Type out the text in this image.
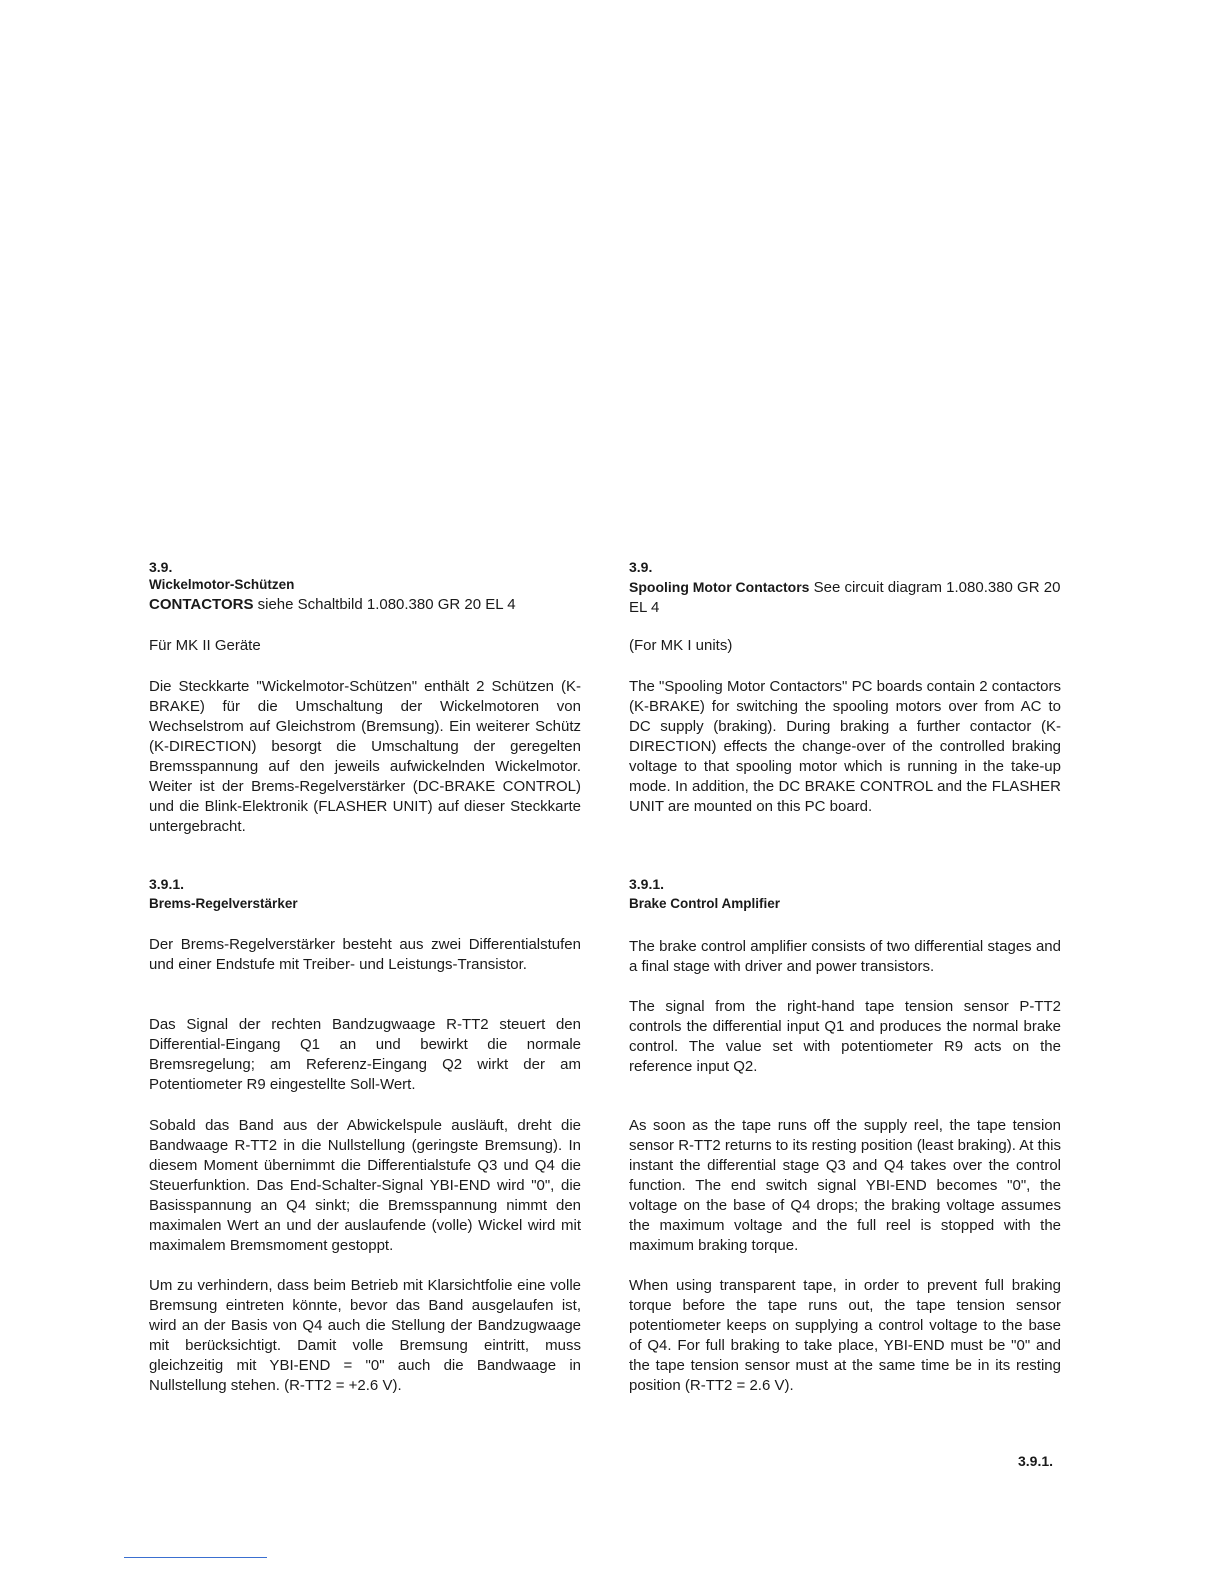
3.9.
Wickelmotor-Schützen
CONTACTORS siehe Schaltbild 1.080.380 GR 20 EL 4
Für MK II Geräte
Die Steckkarte "Wickelmotor-Schützen" enthält 2 Schützen (K-BRAKE) für die Umschaltung der Wickelmotoren von Wechselstrom auf Gleichstrom (Bremsung). Ein weiterer Schütz (K-DIRECTION) besorgt die Umschaltung der geregelten Bremsspannung auf den jeweils aufwickelnden Wickelmotor. Weiter ist der Brems-Regelverstärker (DC-BRAKE CONTROL) und die Blink-Elektronik (FLASHER UNIT) auf dieser Steckkarte untergebracht.
3.9.1.
Brems-Regelverstärker
Der Brems-Regelverstärker besteht aus zwei Differentialstufen und einer Endstufe mit Treiber- und Leistungs-Transistor.
Das Signal der rechten Bandzugwaage R-TT2 steuert den Differential-Eingang Q1 an und bewirkt die normale Bremsregelung; am Referenz-Eingang Q2 wirkt der am Potentiometer R9 eingestellte Soll-Wert.
Sobald das Band aus der Abwickelspule ausläuft, dreht die Bandwaage R-TT2 in die Nullstellung (geringste Bremsung). In diesem Moment übernimmt die Differentialstufe Q3 und Q4 die Steuerfunktion. Das End-Schalter-Signal YBI-END wird "0", die Basisspannung an Q4 sinkt; die Bremsspannung nimmt den maximalen Wert an und der auslaufende (volle) Wickel wird mit maximalem Bremsmoment gestoppt.
Um zu verhindern, dass beim Betrieb mit Klarsichtfolie eine volle Bremsung eintreten könnte, bevor das Band ausgelaufen ist, wird an der Basis von Q4 auch die Stellung der Bandzugwaage mit berücksichtigt. Damit volle Bremsung eintritt, muss gleichzeitig mit YBI-END = "0" auch die Bandwaage in Nullstellung stehen. (R-TT2 = +2.6 V).
3.9.
Spooling Motor Contactors See circuit diagram 1.080.380 GR 20 EL 4
(For MK I units)
The "Spooling Motor Contactors" PC boards contain 2 contactors (K-BRAKE) for switching the spooling motors over from AC to DC supply (braking). During braking a further contactor (K-DIRECTION) effects the change-over of the controlled braking voltage to that spooling motor which is running in the take-up mode. In addition, the DC BRAKE CONTROL and the FLASHER UNIT are mounted on this PC board.
3.9.1.
Brake Control Amplifier
The brake control amplifier consists of two differential stages and a final stage with driver and power transistors.
The signal from the right-hand tape tension sensor P-TT2 controls the differential input Q1 and produces the normal brake control. The value set with potentiometer R9 acts on the reference input Q2.
As soon as the tape runs off the supply reel, the tape tension sensor R-TT2 returns to its resting position (least braking). At this instant the differential stage Q3 and Q4 takes over the control function. The end switch signal YBI-END becomes "0", the voltage on the base of Q4 drops; the braking voltage assumes the maximum voltage and the full reel is stopped with the maximum braking torque.
When using transparent tape, in order to prevent full braking torque before the tape runs out, the tape tension sensor potentiometer keeps on supplying a control voltage to the base of Q4. For full braking to take place, YBI-END must be "0" and the tape tension sensor must at the same time be in its resting position (R-TT2 = 2.6 V).
3.9.1.
